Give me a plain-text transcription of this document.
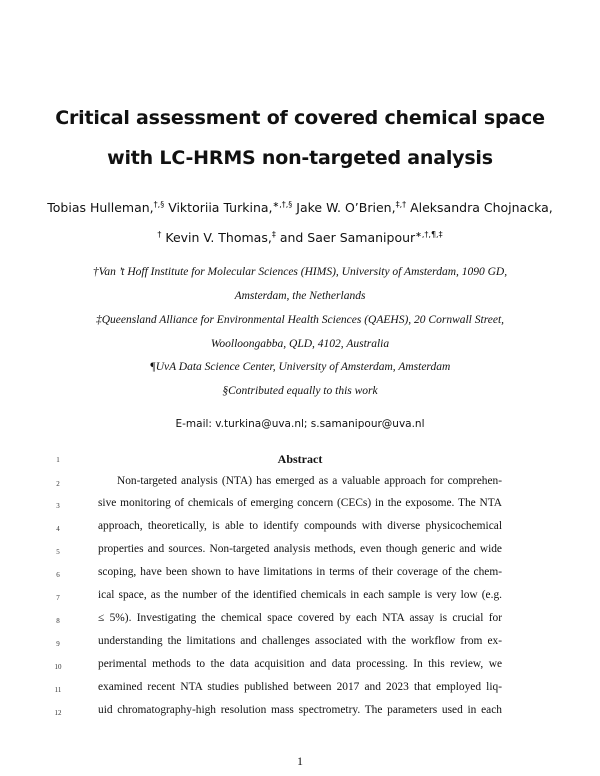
Critical assessment of covered chemical space
with LC-HRMS non-targeted analysis
Tobias Hulleman,†,§ Viktoriia Turkina,∗,†,§ Jake W. O’Brien,‡,† Aleksandra Chojnacka,
† Kevin V. Thomas,‡ and Saer Samanipour∗,†,¶,‡
†Van ’t Hoff Institute for Molecular Sciences (HIMS), University of Amsterdam, 1090 GD,
Amsterdam, the Netherlands
‡Queensland Alliance for Environmental Health Sciences (QAEHS), 20 Cornwall Street,
Woolloongabba, QLD, 4102, Australia
¶UvA Data Science Center, University of Amsterdam, Amsterdam
§Contributed equally to this work
E-mail: v.turkina@uva.nl; s.samanipour@uva.nl
Abstract
1
2	Non-targeted analysis (NTA) has emerged as a valuable approach for comprehen-
3	sive monitoring of chemicals of emerging concern (CECs) in the exposome. The NTA
4	approach, theoretically, is able to identify compounds with diverse physicochemical
5	properties and sources. Non-targeted analysis methods, even though generic and wide
6	scoping, have been shown to have limitations in terms of their coverage of the chem-
7	ical space, as the number of the identified chemicals in each sample is very low (e.g.
8	≤ 5%). Investigating the chemical space covered by each NTA assay is crucial for
9	understanding the limitations and challenges associated with the workflow from ex-
10	perimental methods to the data acquisition and data processing. In this review, we
11	examined recent NTA studies published between 2017 and 2023 that employed liq-
12	uid chromatography-high resolution mass spectrometry. The parameters used in each
1
